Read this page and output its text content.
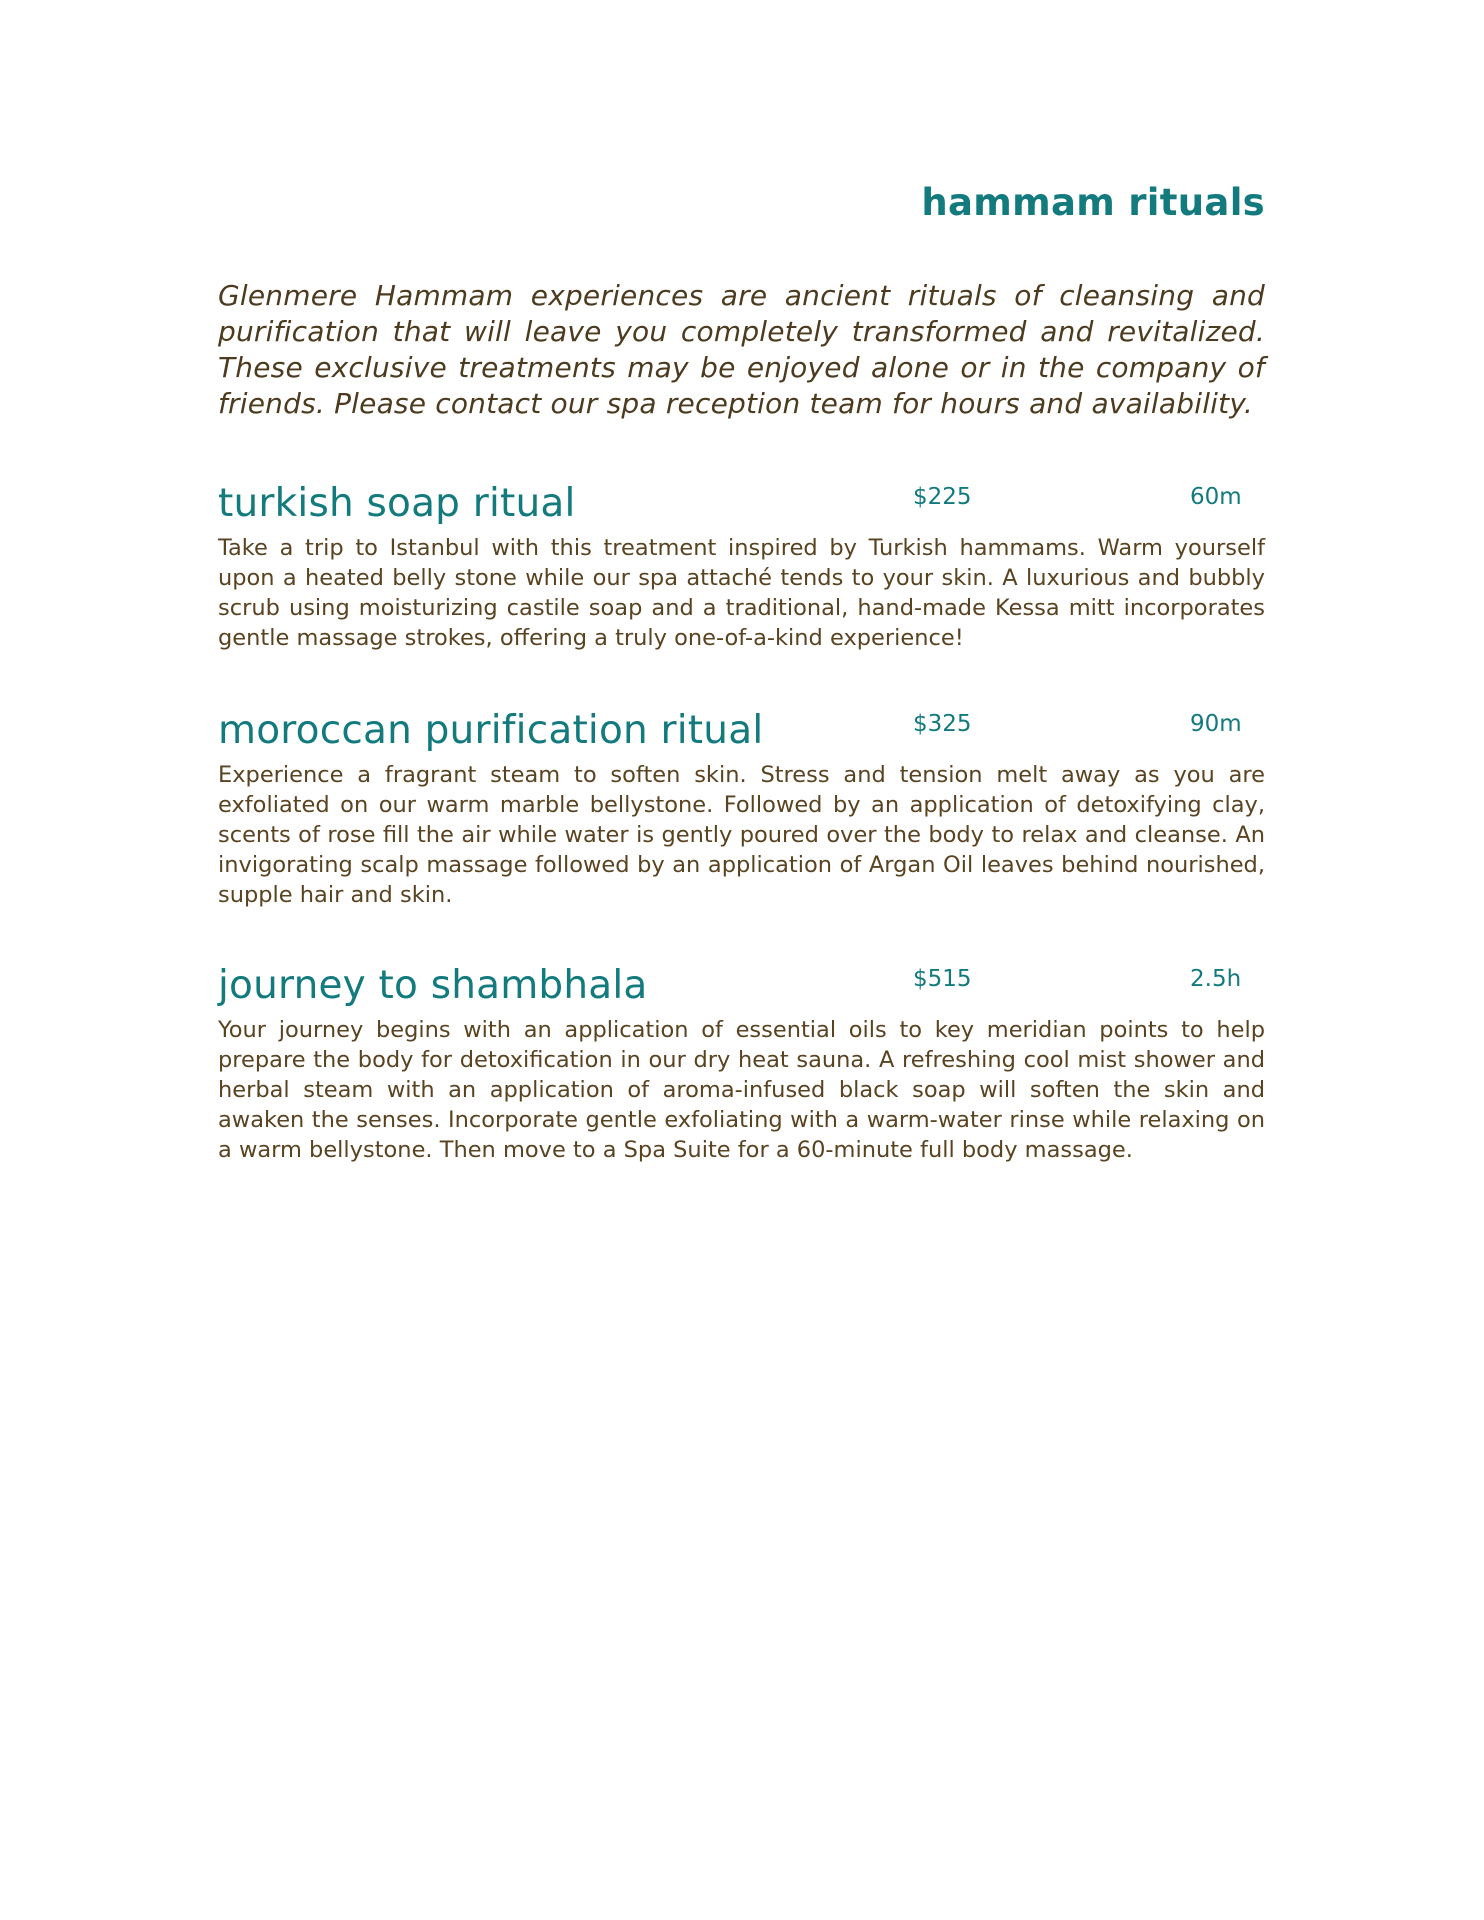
hammam rituals

Glenmere Hammam experiences are ancient rituals of cleansing and purification that will leave you completely transformed and revitalized. These exclusive treatments may be enjoyed alone or in the company of friends. Please contact our spa reception team for hours and availability.

turkish soap ritual	$225	60m

Take a trip to Istanbul with this treatment inspired by Turkish hammams. Warm yourself upon a heated belly stone while our spa attaché tends to your skin. A luxurious and bubbly scrub using moisturizing castile soap and a traditional, hand-made Kessa mitt incorporates gentle massage strokes, offering a truly one-of-a-kind experience!

moroccan purification ritual	$325	90m

Experience a fragrant steam to soften skin. Stress and tension melt away as you are exfoliated on our warm marble bellystone. Followed by an application of detoxifying clay, scents of rose fill the air while water is gently poured over the body to relax and cleanse. An invigorating scalp massage followed by an application of Argan Oil leaves behind nourished, supple hair and skin.

journey to shambhala	$515	2.5h

Your journey begins with an application of essential oils to key meridian points to help prepare the body for detoxification in our dry heat sauna. A refreshing cool mist shower and herbal steam with an application of aroma-infused black soap will soften the skin and awaken the senses. Incorporate gentle exfoliating with a warm-water rinse while relaxing on a warm bellystone. Then move to a Spa Suite for a 60-minute full body massage.
